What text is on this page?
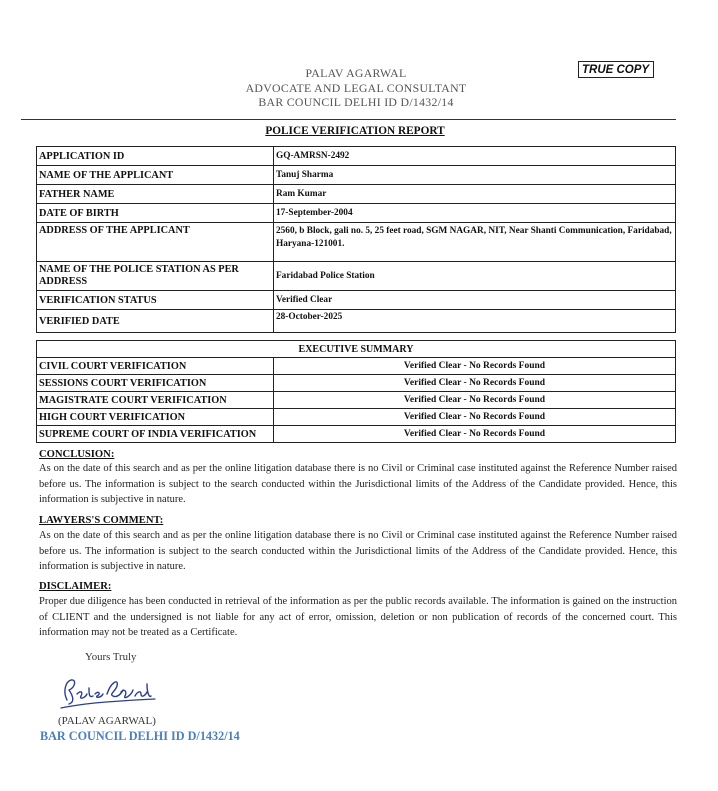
TRUE COPY
PALAV AGARWAL
ADVOCATE AND LEGAL CONSULTANT
BAR COUNCIL DELHI ID D/1432/14
POLICE VERIFICATION REPORT
APPLICATION ID	GQ-AMRSN-2492
NAME OF THE APPLICANT	Tanuj Sharma
FATHER NAME	Ram Kumar
DATE OF BIRTH	17-September-2004
ADDRESS OF THE APPLICANT	2560, b Block, gali no. 5, 25 feet road, SGM NAGAR, NIT, Near Shanti Communication, Faridabad, Haryana-121001.
NAME OF THE POLICE STATION AS PER ADDRESS	Faridabad Police Station
VERIFICATION STATUS	Verified Clear
VERIFIED DATE	28-October-2025
EXECUTIVE SUMMARY	
CIVIL COURT VERIFICATION	Verified Clear - No Records Found
SESSIONS COURT VERIFICATION	Verified Clear - No Records Found
MAGISTRATE COURT VERIFICATION	Verified Clear - No Records Found
HIGH COURT VERIFICATION	Verified Clear - No Records Found
SUPREME COURT OF INDIA VERIFICATION	Verified Clear - No Records Found
CONCLUSION:
As on the date of this search and as per the online litigation database there is no Civil or Criminal case instituted against the Reference Number raised before us. The information is subject to the search conducted within the Jurisdictional limits of the Address of the Candidate provided. Hence, this information is subjective in nature.
LAWYERS'S COMMENT:
As on the date of this search and as per the online litigation database there is no Civil or Criminal case instituted against the Reference Number raised before us. The information is subject to the search conducted within the Jurisdictional limits of the Address of the Candidate provided. Hence, this information is subjective in nature.
DISCLAIMER:
Proper due diligence has been conducted in retrieval of the information as per the public records available. The information is gained on the instruction of CLIENT and the undersigned is not liable for any act of error, omission, deletion or non publication of records of the concerned court. This information may not be treated as a Certificate.
Yours Truly
(PALAV AGARWAL)
BAR COUNCIL DELHI ID D/1432/14
